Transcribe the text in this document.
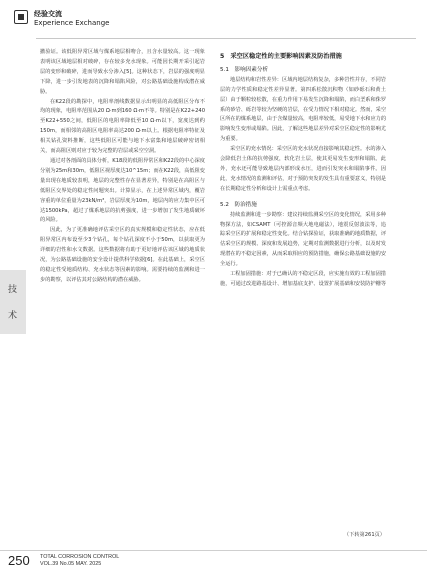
经验交流
Experience Exchange

撤验证。该低阻异常区域与煤系地层相吻合，且含水量较高。这一现象表明该区域地层相对破碎，存在较多充水现象。可能因长期开采引起岩层的变形和破碎，进而导致水分渗入[5]。这种状态下，岩层的强度明显下降，进一步引发地表的沉降和塌陷风险，对公路基础设施构成潜在威胁。

在K22段的勘探中，电阻率剖线数据显示出明显的高低阻区分布不均的现象，电阻率范围从20 Ω·m到160 Ω·m不等。特别是在K22+240至K22+550之间，低阻区的电阻率降低至10 Ω·m以下，宽度达到约150m，而相邻的高阻区电阻率高达200 Ω·m以上。根据电阻率特征及相关钻孔资料推断，这些低阻区可能与地下水富集和地层破碎密切相关，而高阻区则对应于较为完整的岩层或采空空洞。

通过对各剖面的具体分析，K18段的低阻异常区和K22段的中心深度分别为25m和30m，低阻区视厚度达10^15m；而在K22段，高低阻变量出现在地质较表明，地层的完整性存在显著差异，特别是在高阻区与低阻区交界处的稳定性问题突出。计算显示，在上述异常区域内，覆岩容重的单位重量为23kN/m³，岩层厚度为10m，地层内的应力集中区可达1500kPa，超过了煤系地层的抗剪强度，进一步增加了发生地质破坏的风险。

因此，为了更准确地评估采空区的真实规模和稳定性状态，应在低阻异常区内布设至少3个钻孔，每个钻孔深度不小于50m，以获取更为详细的岩性和水文数据。这些数据将有助于更好地评估该区域的地质状况，为公路基础设施的安全设计提供科学依据[6]。在此基础上，采空区的稳定性受地质结构、充水状态等因素的影响。需要持续的监测和进一步的勘察，以评估其对公路结构的潜在威胁。

5　采空区稳定性的主要影响因素及防治措施

5.1　影响因素分析

地层结构和岩性差异：区域内地层结构复杂，多种岩性并存，不同岩层的力学性质和稳定性差异显著。第四系松散沉积物（如砂砾石和黄土层）由于颗粒较松散，在重力作用下易发生沉降和塌陷，而白垩系和侏罗系的砂岩、砾岩等较为坚硬的岩层，在受力情况下相对稳定。然而，采空区所在的煤系地层，由于含煤量较高，电阻率较低，易受地下水和应力的影响发生变形或塌陷。因此，了解这些地层差异对采空区稳定性的影响尤为重要。

采空区的充水情况：采空区的充水状况直接影响其稳定性。水的渗入会降低岩土体的抗剪强度，软化岩土层，使其更易发生变形和塌陷。此外，充水还可能导致地层内部形成水压，进而引发突水和塌陷事件。因此，充水情况的监测和评估，对于预防突发的发生具有重要意义，特别是在长期稳定性分析和设计上需重点考虑。

5.2　防治措施

持续监测和进一步勘察：建议持续监测采空区的变化情况，采用多种物探方法，如CSAMT（可控源音频大地电磁法），地震反射波法等，追踪采空区的扩展和稳定性变化。结合钻探验证，获取准确的地质数据，评估采空区的规模、深度和发展趋势，定期对监测数据进行分析，以及时发现潜在的不稳定因素，从而采取相应的预防措施，确保公路基础设施的安全运行。

工程加固措施：对于已确认的不稳定区段，应实施有效的工程加固措施，可通过改进路基设计、增加基底支护、设置扩展基础和安装防护栅等

（下转第261页）
技
术
250 TOTAL CORROSION CONTROL
VOL.39 No.05 MAY. 2025
